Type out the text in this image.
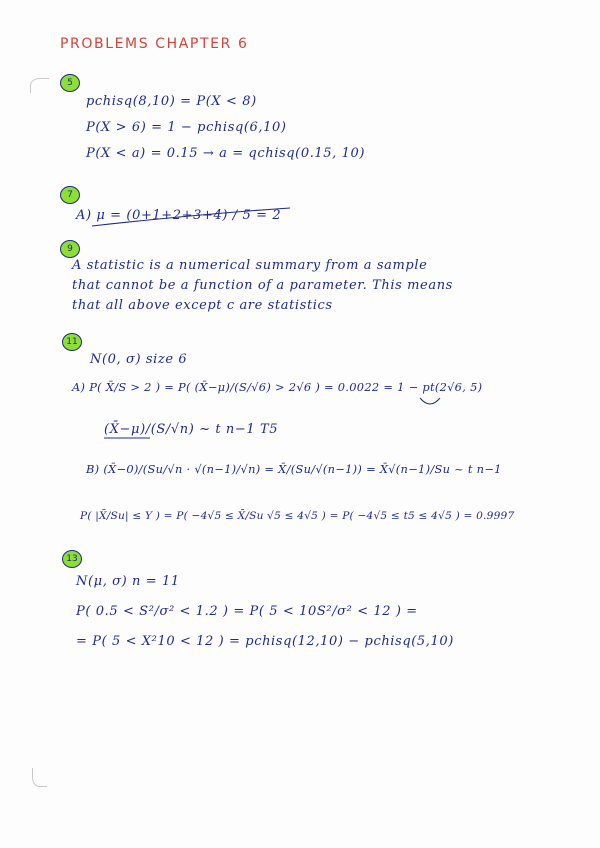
PROBLEMS CHAPTER 6
5
pchisq(8,10) = P(X < 8)
P(X > 6) = 1 − pchisq(6,10)
P(X < a) = 0.15 → a = qchisq(0.15, 10)
7
A) μ = (0+1+2+3+4) / 5 = 2
9
A statistic is a numerical summary from a sample
that cannot be a function of a parameter. This means
that all above except c are statistics
11
N(0, σ) size 6
A) P( X̄/S > 2 ) = P( (X̄−μ)/(S/√6) > 2√6 ) = 0.0022 = 1 − pt(2√6, 5)
(X̄−μ)/(S/√n) ~ t n−1 T5
B) (X̄−0)/(Su/√n · √(n−1)/√n) = X̄/(Su/√(n−1)) = X̄√(n−1)/Su ~ t n−1
P( |X̄/Su| ≤ Y ) = P( −4√5 ≤ X̄/Su √5 ≤ 4√5 ) = P( −4√5 ≤ t5 ≤ 4√5 ) = 0.9997
13
N(μ, σ) n = 11
P( 0.5 < S²/σ² < 1.2 ) = P( 5 < 10S²/σ² < 12 ) =
= P( 5 < X²10 < 12 ) = pchisq(12,10) − pchisq(5,10)
